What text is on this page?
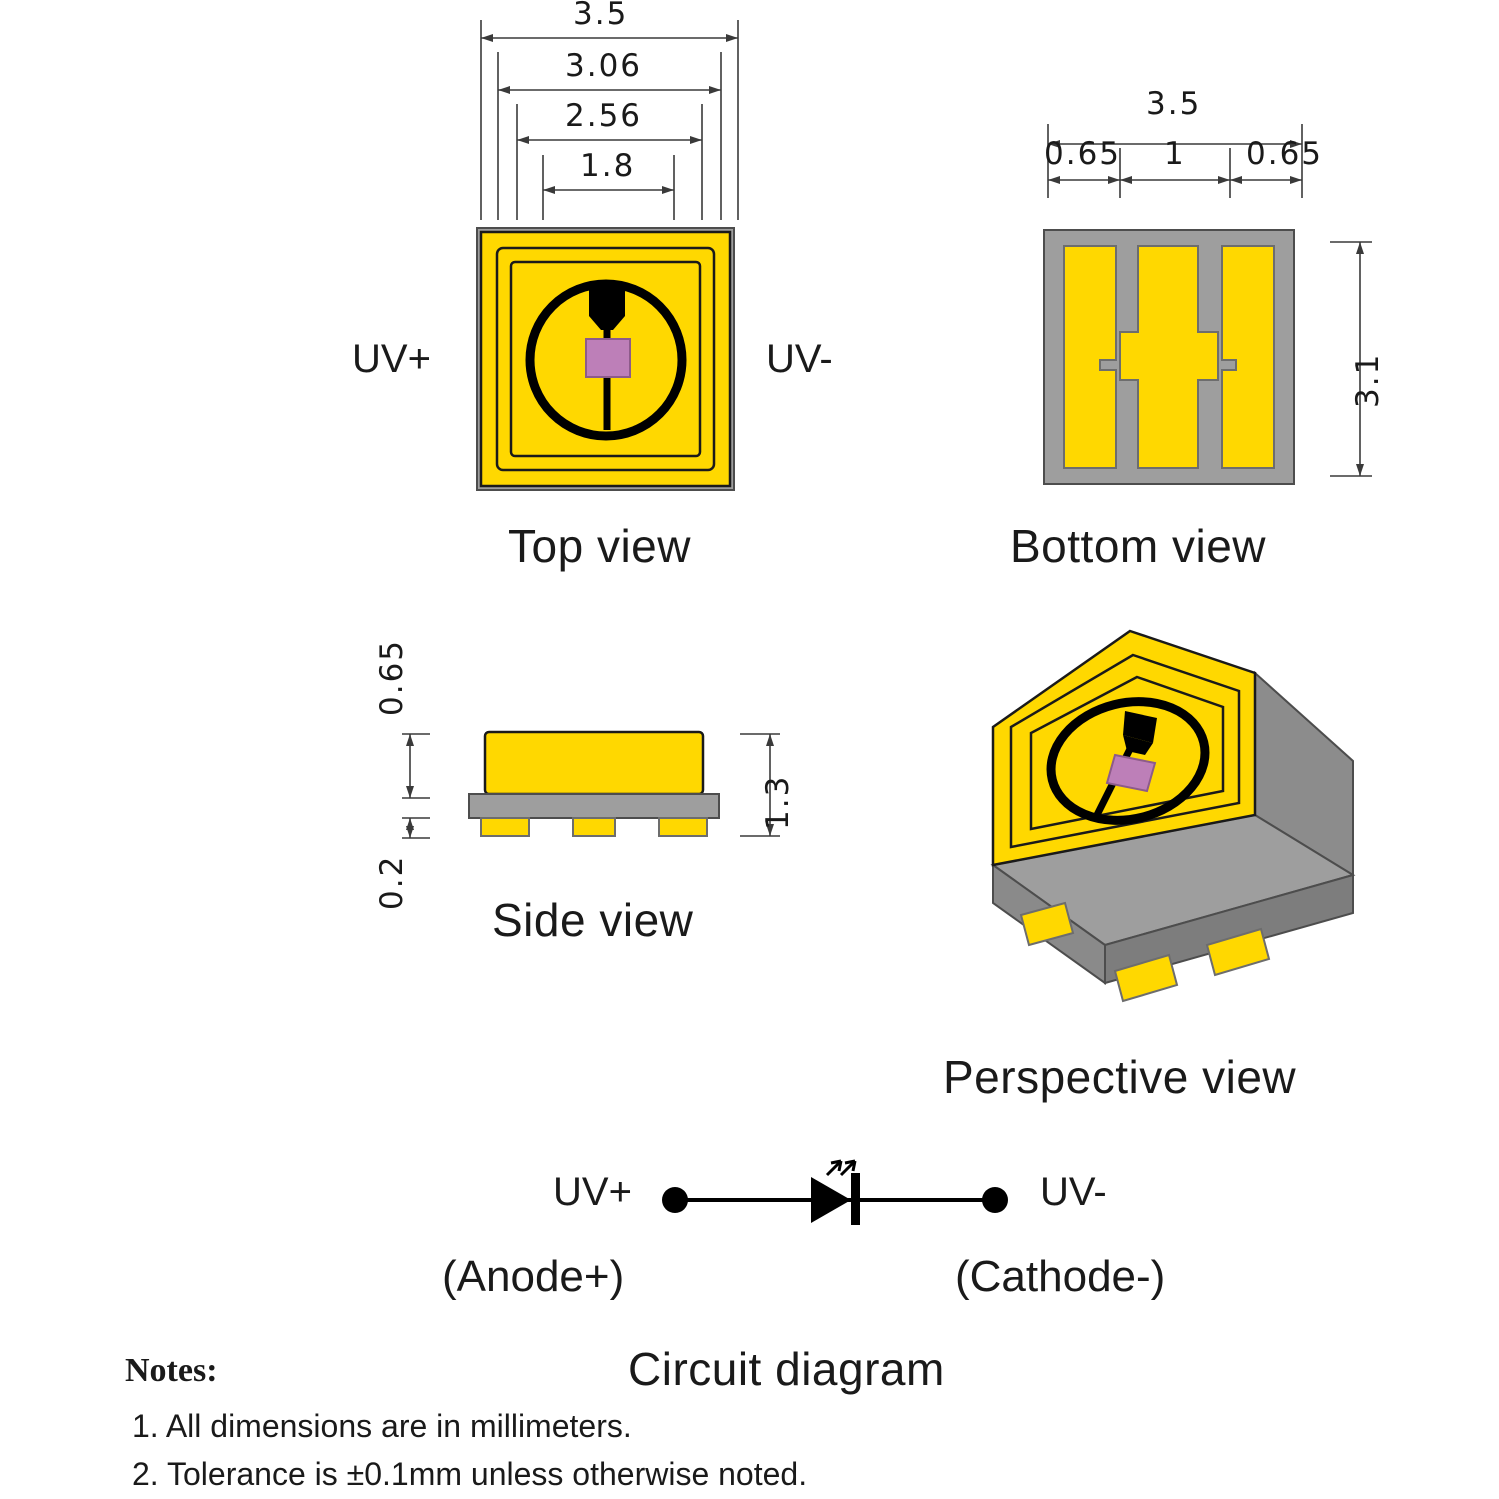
3.5
3.06
2.56
1.8
UV+	UV-
Top view
3.5
0.65 1 0.65
3.1
Bottom view
0.65
0.2
1.3
Side view
Perspective view
UV+	UV-
(Anode+)	(Cathode-)
Circuit diagram
Notes:
1. All dimensions are in millimeters.
2. Tolerance is ±0.1mm unless otherwise noted.
